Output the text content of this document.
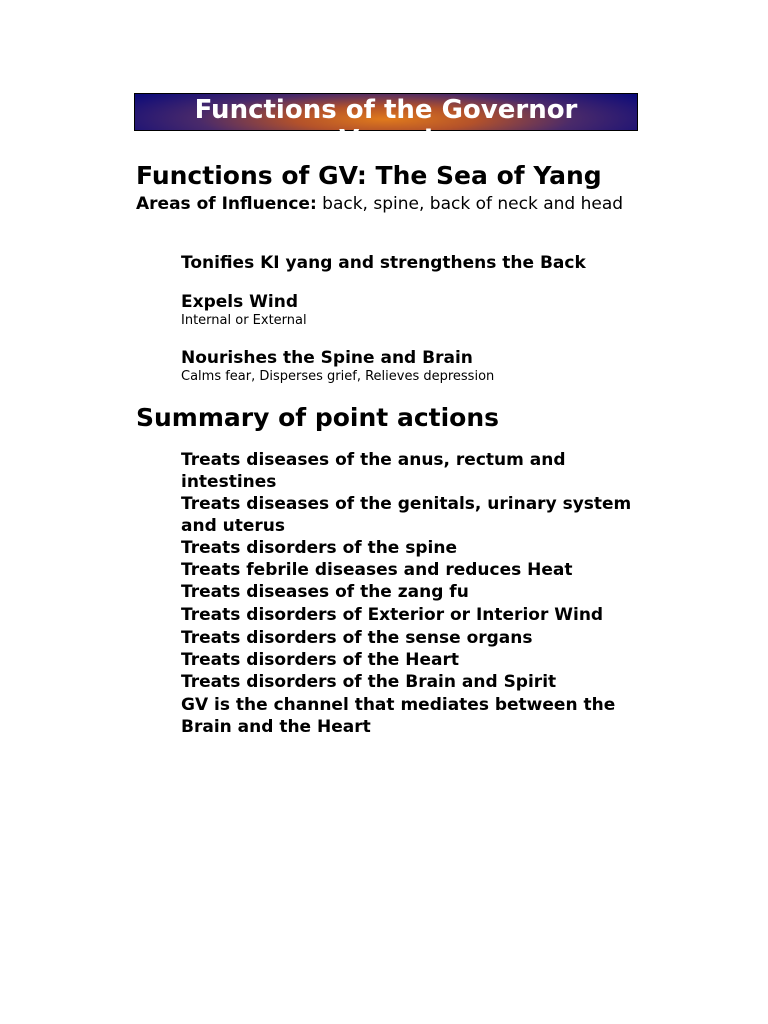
Functions of the Governor
Vessel
Functions of GV: The Sea of Yang
Areas of Influence: back, spine, back of neck and head
Tonifies KI yang and strengthens the Back
Expels Wind
Internal or External
Nourishes the Spine and Brain
Calms fear, Disperses grief, Relieves depression
Summary of point actions
Treats diseases of the anus, rectum and intestines
Treats diseases of the genitals, urinary system and uterus
Treats disorders of the spine
Treats febrile diseases and reduces Heat
Treats diseases of the zang fu
Treats disorders of Exterior or Interior Wind
Treats disorders of the sense organs
Treats disorders of the Heart
Treats disorders of the Brain and Spirit
GV is the channel that mediates between the Brain and the Heart
